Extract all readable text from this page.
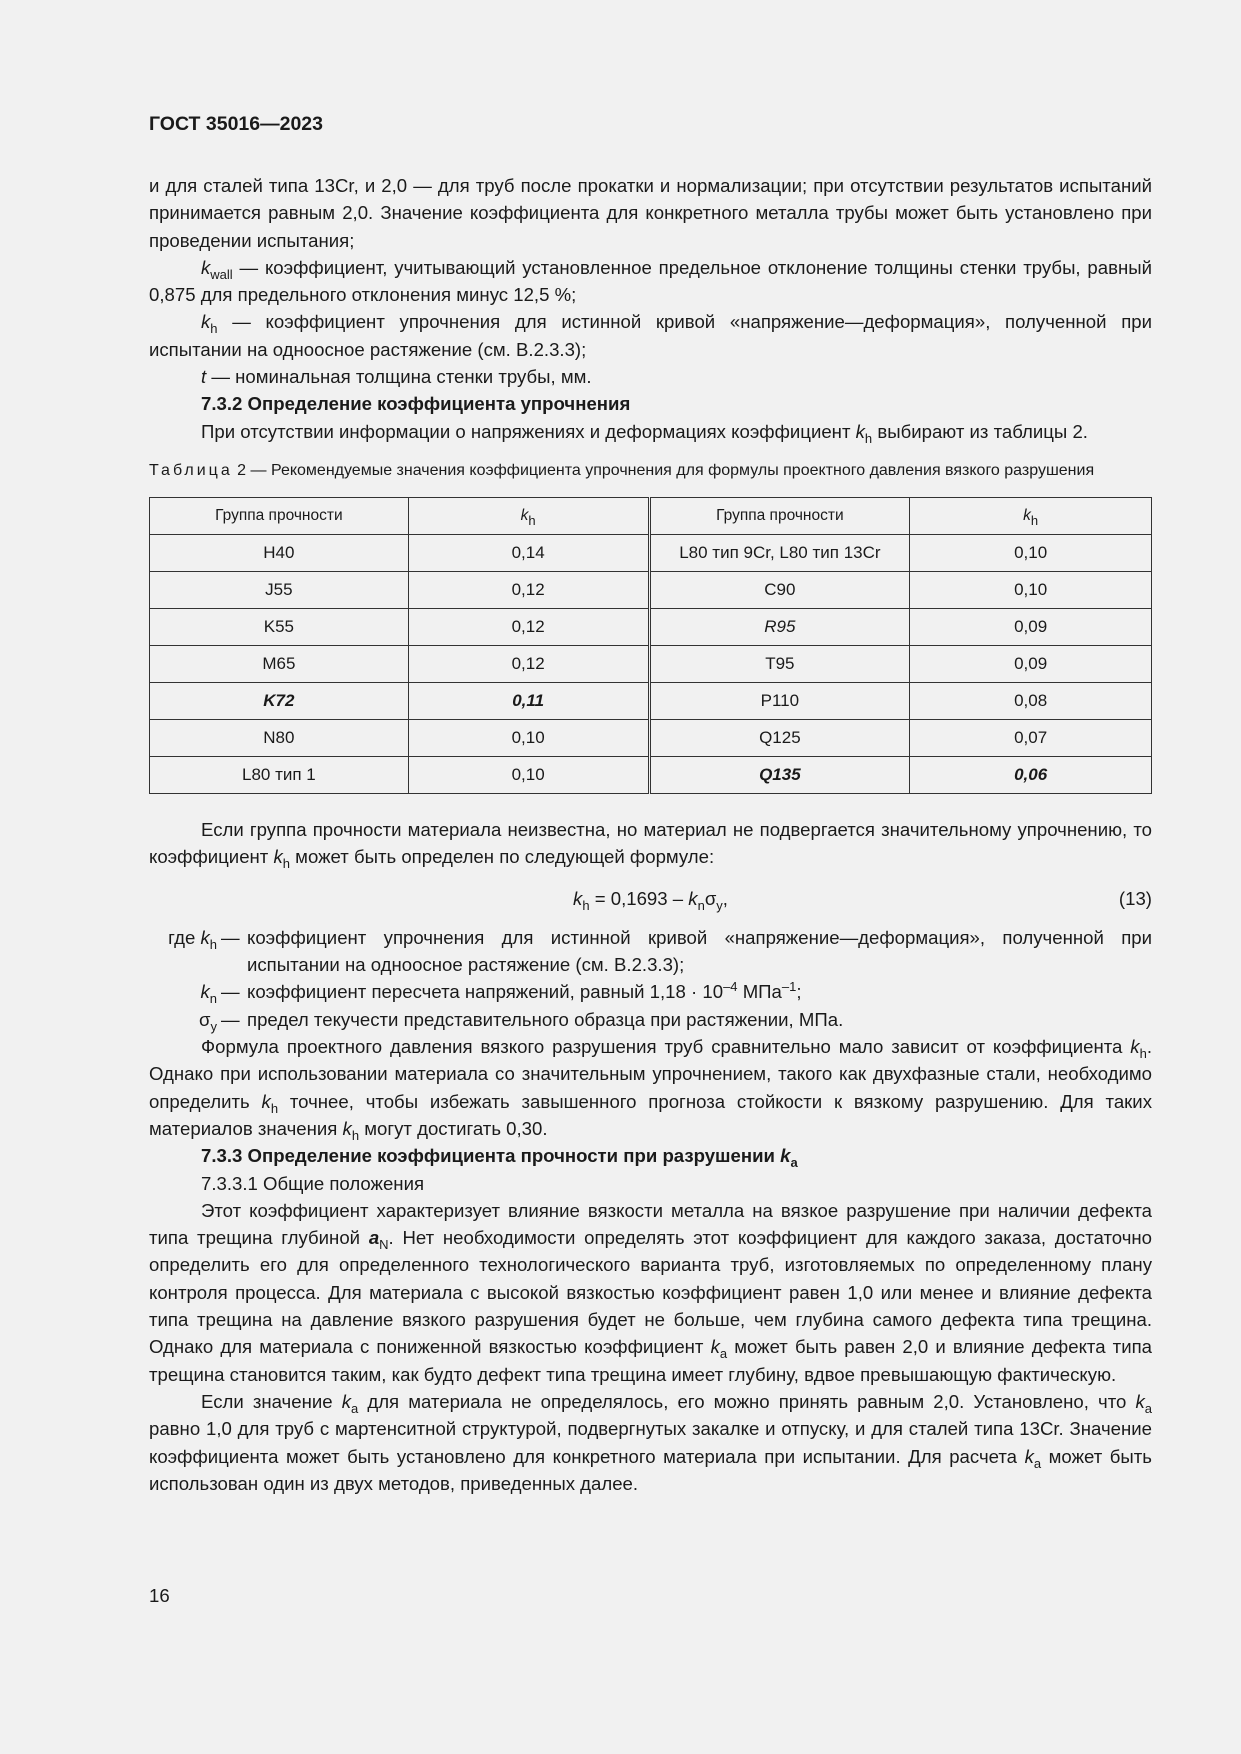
ГОСТ 35016—2023

и для сталей типа 13Cr, и 2,0 — для труб после прокатки и нормализации; при отсутствии результатов испытаний принимается равным 2,0. Значение коэффициента для конкретного металла трубы может быть установлено при проведении испытания;

$k_{wall}$ — коэффициент, учитывающий установленное предельное отклонение толщины стенки трубы, равный 0,875 для предельного отклонения минус 12,5 %;

$k_h$ — коэффициент упрочнения для истинной кривой «напряжение—деформация», полученной при испытании на одноосное растяжение (см. В.2.3.3);

t — номинальная толщина стенки трубы, мм.

7.3.2 Определение коэффициента упрочнения

При отсутствии информации о напряжениях и деформациях коэффициент $k_h$ выбирают из таблицы 2.

Таблица 2 — Рекомендуемые значения коэффициента упрочнения для формулы проектного давления вязкого разрушения

Группа прочности	$k_h$	Группа прочности	$k_h$
H40	0,14	L80 тип 9Cr, L80 тип 13Cr	0,10
J55	0,12	C90	0,10
K55	0,12	R95	0,09
M65	0,12	T95	0,09
K72	0,11	P110	0,08
N80	0,10	Q125	0,07
L80 тип 1	0,10	Q135	0,06

Если группа прочности материала неизвестна, но материал не подвергается значительному упрочнению, то коэффициент $k_h$ может быть определен по следующей формуле:

$k_h = 0,1693 - k_n\sigma_y$,	(13)
где $k_h$ — коэффициент упрочнения для истинной кривой «напряжение—деформация», полученной при испытании на одноосное растяжение (см. В.2.3.3);
$k_n$ — коэффициент пересчета напряжений, равный $1,18 \cdot 10^{-4}$ МПа$^{-1}$;
$\sigma_y$ — предел текучести представительного образца при растяжении, МПа.

Формула проектного давления вязкого разрушения труб сравнительно мало зависит от коэффициента $k_h$. Однако при использовании материала со значительным упрочнением, такого как двухфазные стали, необходимо определить $k_h$ точнее, чтобы избежать завышенного прогноза стойкости к вязкому разрушению. Для таких материалов значения $k_h$ могут достигать 0,30.

7.3.3 Определение коэффициента прочности при разрушении $k_a$

7.3.3.1 Общие положения

Этот коэффициент характеризует влияние вязкости металла на вязкое разрушение при наличии дефекта типа трещина глубиной $a_N$. Нет необходимости определять этот коэффициент для каждого заказа, достаточно определить его для определенного технологического варианта труб, изготовляемых по определенному плану контроля процесса. Для материала с высокой вязкостью коэффициент равен 1,0 или менее и влияние дефекта типа трещина на давление вязкого разрушения будет не больше, чем глубина самого дефекта типа трещина. Однако для материала с пониженной вязкостью коэффициент $k_a$ может быть равен 2,0 и влияние дефекта типа трещина становится таким, как будто дефект типа трещина имеет глубину, вдвое превышающую фактическую.

Если значение $k_a$ для материала не определялось, его можно принять равным 2,0. Установлено, что $k_a$ равно 1,0 для труб с мартенситной структурой, подвергнутых закалке и отпуску, и для сталей типа 13Cr. Значение коэффициента может быть установлено для конкретного материала при испытании. Для расчета $k_a$ может быть использован один из двух методов, приведенных далее.

16
